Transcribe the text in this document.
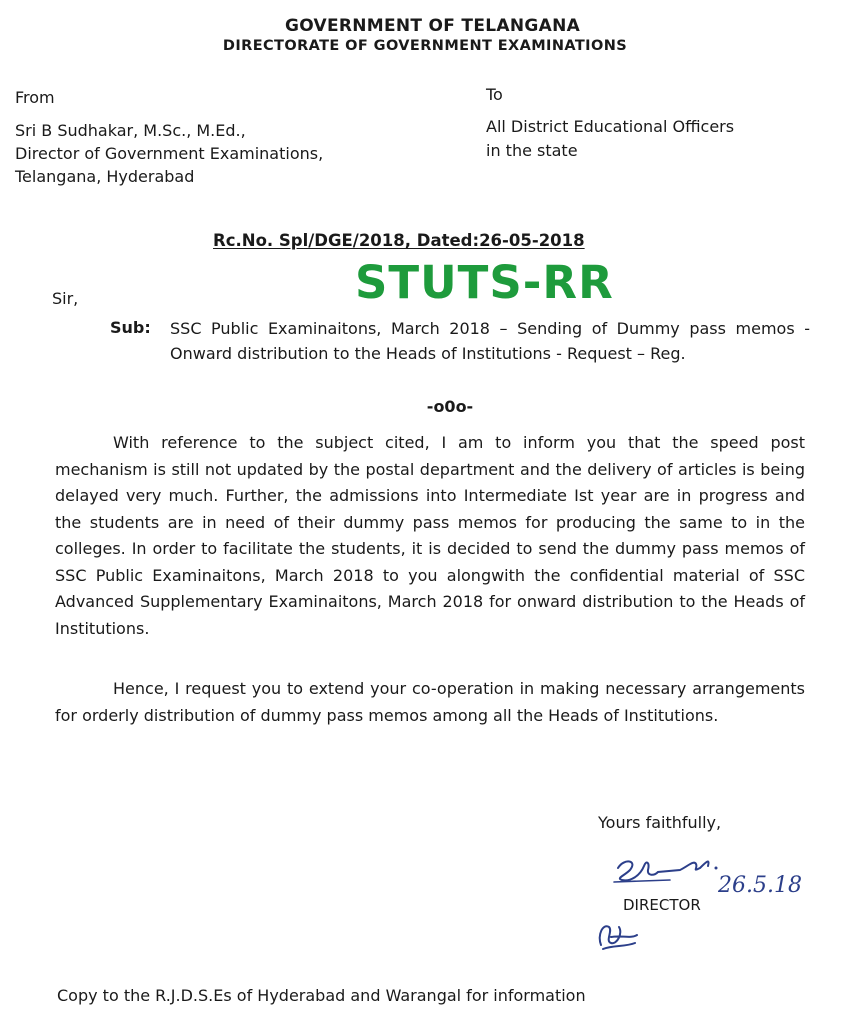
GOVERNMENT OF TELANGANA
DIRECTORATE OF GOVERNMENT EXAMINATIONS
From
Sri B Sudhakar, M.Sc., M.Ed.,
Director of Government Examinations,
Telangana, Hyderabad
To
All District Educational Officers
in the state
Rc.No. Spl/DGE/2018, Dated:26-05-2018
STUTS-RR
Sir,
Sub: SSC Public Examinaitons, March 2018 – Sending of Dummy pass memos - Onward distribution to the Heads of Institutions - Request – Reg.
-o0o-
With reference to the subject cited, I am to inform you that the speed post mechanism is still not updated by the postal department and the delivery of articles is being delayed very much. Further, the admissions into Intermediate Ist year are in progress and the students are in need of their dummy pass memos for producing the same to in the colleges. In order to facilitate the students, it is decided to send the dummy pass memos of SSC Public Examinaitons, March 2018 to you alongwith the confidential material of SSC Advanced Supplementary Examinaitons, March 2018 for onward distribution to the Heads of Institutions.
Hence, I request you to extend your co-operation in making necessary arrangements for orderly distribution of dummy pass memos among all the Heads of Institutions.
Yours faithfully,
26.5.18
DIRECTOR
Copy to the R.J.D.S.Es of Hyderabad and Warangal for information
